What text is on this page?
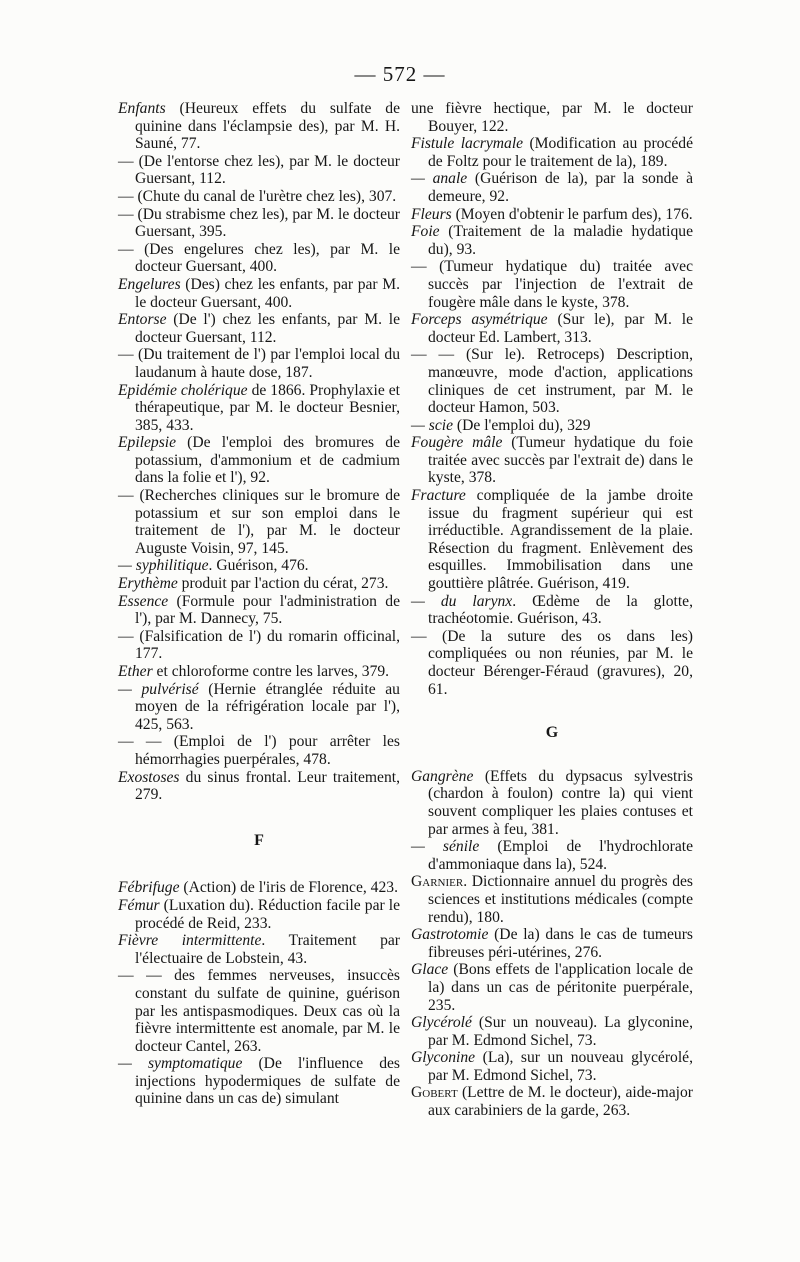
— 572 —

Enfants (Heureux effets du sulfate de quinine dans l'éclampsie des), par M. H. Sauné, 77.

— (De l'entorse chez les), par M. le docteur Guersant, 112.

— (Chute du canal de l'urètre chez les), 307.

— (Du strabisme chez les), par M. le docteur Guersant, 395.

— (Des engelures chez les), par M. le docteur Guersant, 400.

Engelures (Des) chez les enfants, par par M. le docteur Guersant, 400.

Entorse (De l') chez les enfants, par M. le docteur Guersant, 112.

— (Du traitement de l') par l'emploi local du laudanum à haute dose, 187.

Epidémie cholérique de 1866. Prophylaxie et thérapeutique, par M. le docteur Besnier, 385, 433.

Epilepsie (De l'emploi des bromures de potassium, d'ammonium et de cadmium dans la folie et l'), 92.

— (Recherches cliniques sur le bromure de potassium et sur son emploi dans le traitement de l'), par M. le docteur Auguste Voisin, 97, 145.

— syphilitique. Guérison, 476.

Erythème produit par l'action du cérat, 273.

Essence (Formule pour l'administration de l'), par M. Dannecy, 75.

— (Falsification de l') du romarin officinal, 177.

Ether et chloroforme contre les larves, 379.

— pulvérisé (Hernie étranglée réduite au moyen de la réfrigération locale par l'), 425, 563.

— — (Emploi de l') pour arrêter les hémorrhagies puerpérales, 478.

Exostoses du sinus frontal. Leur traitement, 279.

F

Fébrifuge (Action) de l'iris de Florence, 423.

Fémur (Luxation du). Réduction facile par le procédé de Reid, 233.

Fièvre intermittente. Traitement par l'électuaire de Lobstein, 43.

— — des femmes nerveuses, insuccès constant du sulfate de quinine, guérison par les antispasmodiques. Deux cas où la fièvre intermittente est anomale, par M. le docteur Cantel, 263.

— symptomatique (De l'influence des injections hypodermiques de sulfate de quinine dans un cas de) simulant

une fièvre hectique, par M. le docteur Bouyer, 122.

Fistule lacrymale (Modification au procédé de Foltz pour le traitement de la), 189.

— anale (Guérison de la), par la sonde à demeure, 92.

Fleurs (Moyen d'obtenir le parfum des), 176.

Foie (Traitement de la maladie hydatique du), 93.

— (Tumeur hydatique du) traitée avec succès par l'injection de l'extrait de fougère mâle dans le kyste, 378.

Forceps asymétrique (Sur le), par M. le docteur Ed. Lambert, 313.

— — (Sur le). Retroceps) Description, manœuvre, mode d'action, applications cliniques de cet instrument, par M. le docteur Hamon, 503.

— scie (De l'emploi du), 329

Fougère mâle (Tumeur hydatique du foie traitée avec succès par l'extrait de) dans le kyste, 378.

Fracture compliquée de la jambe droite issue du fragment supérieur qui est irréductible. Agrandissement de la plaie. Résection du fragment. Enlèvement des esquilles. Immobilisation dans une gouttière plâtrée. Guérison, 419.

— du larynx. Œdème de la glotte, trachéotomie. Guérison, 43.

— (De la suture des os dans les) compliquées ou non réunies, par M. le docteur Bérenger-Féraud (gravures), 20, 61.

G

Gangrène (Effets du dypsacus sylvestris (chardon à foulon) contre la) qui vient souvent compliquer les plaies contuses et par armes à feu, 381.

— sénile (Emploi de l'hydrochlorate d'ammoniaque dans la), 524.

Garnier. Dictionnaire annuel du progrès des sciences et institutions médicales (compte rendu), 180.

Gastrotomie (De la) dans le cas de tumeurs fibreuses péri-utérines, 276.

Glace (Bons effets de l'application locale de la) dans un cas de péritonite puerpérale, 235.

Glycérolé (Sur un nouveau). La glyconine, par M. Edmond Sichel, 73.

Glyconine (La), sur un nouveau glycérolé, par M. Edmond Sichel, 73.

Gobert (Lettre de M. le docteur), aide-major aux carabiniers de la garde, 263.
